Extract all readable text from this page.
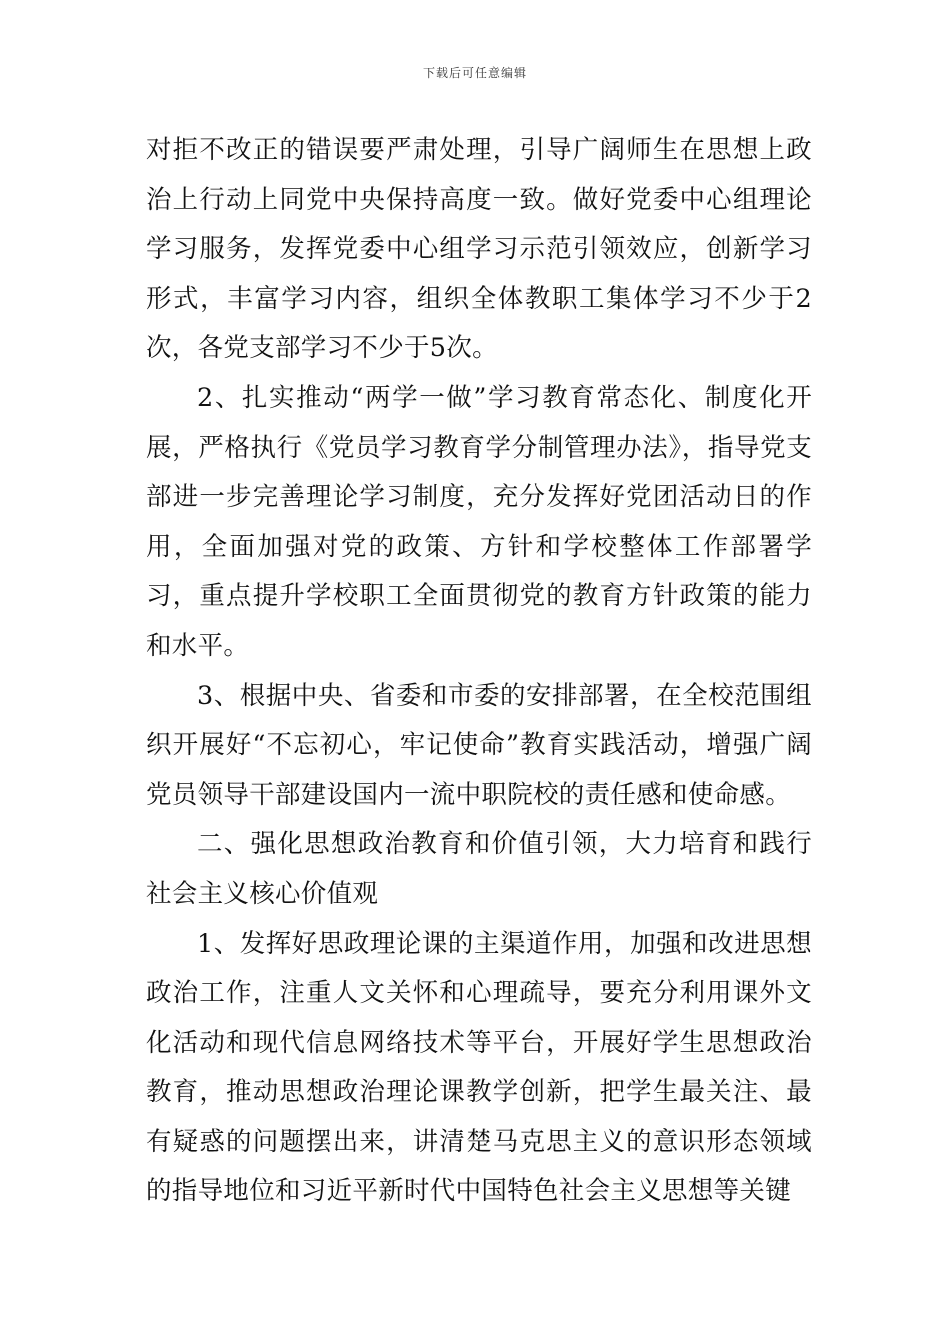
下载后可任意编辑

对拒不改正的错误要严肃处理，引导广阔师生在思想上政治上行动上同党中央保持高度一致。做好党委中心组理论学习服务，发挥党委中心组学习示范引领效应，创新学习形式，丰富学习内容，组织全体教职工集体学习不少于2次，各党支部学习不少于5次。

2、扎实推动“两学一做”学习教育常态化、制度化开展，严格执行《党员学习教育学分制管理办法》，指导党支部进一步完善理论学习制度，充分发挥好党团活动日的作用，全面加强对党的政策、方针和学校整体工作部署学习，重点提升学校职工全面贯彻党的教育方针政策的能力和水平。

3、根据中央、省委和市委的安排部署，在全校范围组织开展好“不忘初心，牢记使命”教育实践活动，增强广阔党员领导干部建设国内一流中职院校的责任感和使命感。

二、强化思想政治教育和价值引领，大力培育和践行社会主义核心价值观

1、发挥好思政理论课的主渠道作用，加强和改进思想政治工作，注重人文关怀和心理疏导，要充分利用课外文化活动和现代信息网络技术等平台，开展好学生思想政治教育，推动思想政治理论课教学创新，把学生最关注、最有疑惑的问题摆出来，讲清楚马克思主义的意识形态领域的指导地位和习近平新时代中国特色社会主义思想等关键
